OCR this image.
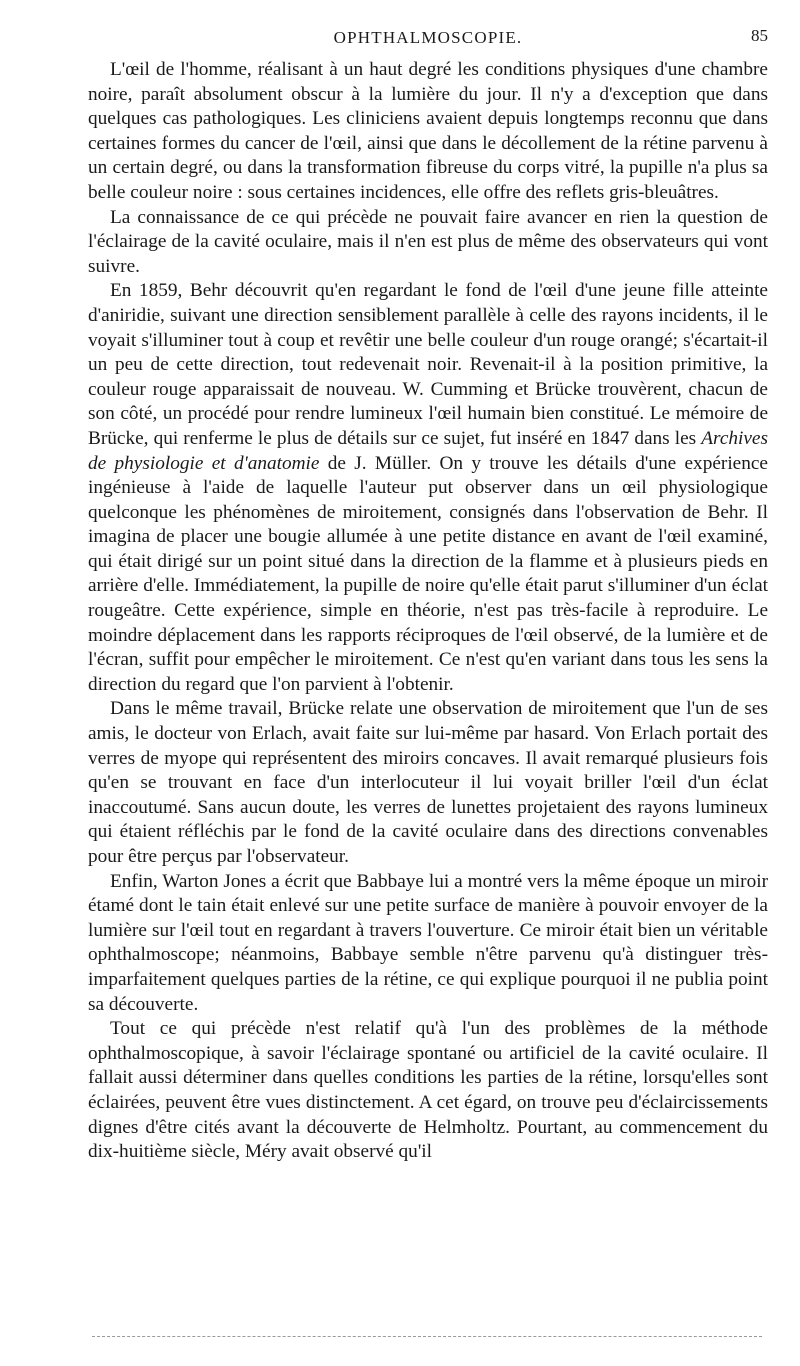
OPHTHALMOSCOPIE.	85

L'œil de l'homme, réalisant à un haut degré les conditions physiques d'une chambre noire, paraît absolument obscur à la lumière du jour. Il n'y a d'exception que dans quelques cas pathologiques. Les cliniciens avaient depuis longtemps reconnu que dans certaines formes du cancer de l'œil, ainsi que dans le décollement de la rétine parvenu à un certain degré, ou dans la transformation fibreuse du corps vitré, la pupille n'a plus sa belle couleur noire : sous certaines incidences, elle offre des reflets gris-bleuâtres.

La connaissance de ce qui précède ne pouvait faire avancer en rien la question de l'éclairage de la cavité oculaire, mais il n'en est plus de même des observateurs qui vont suivre.

En 1859, Behr découvrit qu'en regardant le fond de l'œil d'une jeune fille atteinte d'aniridie, suivant une direction sensiblement parallèle à celle des rayons incidents, il le voyait s'illuminer tout à coup et revêtir une belle couleur d'un rouge orangé; s'écartait-il un peu de cette direction, tout redevenait noir. Revenait-il à la position primitive, la couleur rouge apparaissait de nouveau. W. Cumming et Brücke trouvèrent, chacun de son côté, un procédé pour rendre lumineux l'œil humain bien constitué. Le mémoire de Brücke, qui renferme le plus de détails sur ce sujet, fut inséré en 1847 dans les Archives de physiologie et d'anatomie de J. Müller. On y trouve les détails d'une expérience ingénieuse à l'aide de laquelle l'auteur put observer dans un œil physiologique quelconque les phénomènes de miroitement, consignés dans l'observation de Behr. Il imagina de placer une bougie allumée à une petite distance en avant de l'œil examiné, qui était dirigé sur un point situé dans la direction de la flamme et à plusieurs pieds en arrière d'elle. Immédiatement, la pupille de noire qu'elle était parut s'illuminer d'un éclat rougeâtre. Cette expérience, simple en théorie, n'est pas très-facile à reproduire. Le moindre déplacement dans les rapports réciproques de l'œil observé, de la lumière et de l'écran, suffit pour empêcher le miroitement. Ce n'est qu'en variant dans tous les sens la direction du regard que l'on parvient à l'obtenir.

Dans le même travail, Brücke relate une observation de miroitement que l'un de ses amis, le docteur von Erlach, avait faite sur lui-même par hasard. Von Erlach portait des verres de myope qui représentent des miroirs concaves. Il avait remarqué plusieurs fois qu'en se trouvant en face d'un interlocuteur il lui voyait briller l'œil d'un éclat inaccoutumé. Sans aucun doute, les verres de lunettes projetaient des rayons lumineux qui étaient réfléchis par le fond de la cavité oculaire dans des directions convenables pour être perçus par l'observateur.

Enfin, Warton Jones a écrit que Babbaye lui a montré vers la même époque un miroir étamé dont le tain était enlevé sur une petite surface de manière à pouvoir envoyer de la lumière sur l'œil tout en regardant à travers l'ouverture. Ce miroir était bien un véritable ophthalmoscope; néanmoins, Babbaye semble n'être parvenu qu'à distinguer très-imparfaitement quelques parties de la rétine, ce qui explique pourquoi il ne publia point sa découverte.

Tout ce qui précède n'est relatif qu'à l'un des problèmes de la méthode ophthalmoscopique, à savoir l'éclairage spontané ou artificiel de la cavité oculaire. Il fallait aussi déterminer dans quelles conditions les parties de la rétine, lorsqu'elles sont éclairées, peuvent être vues distinctement. A cet égard, on trouve peu d'éclaircissements dignes d'être cités avant la découverte de Helmholtz. Pourtant, au commencement du dix-huitième siècle, Méry avait observé qu'il
